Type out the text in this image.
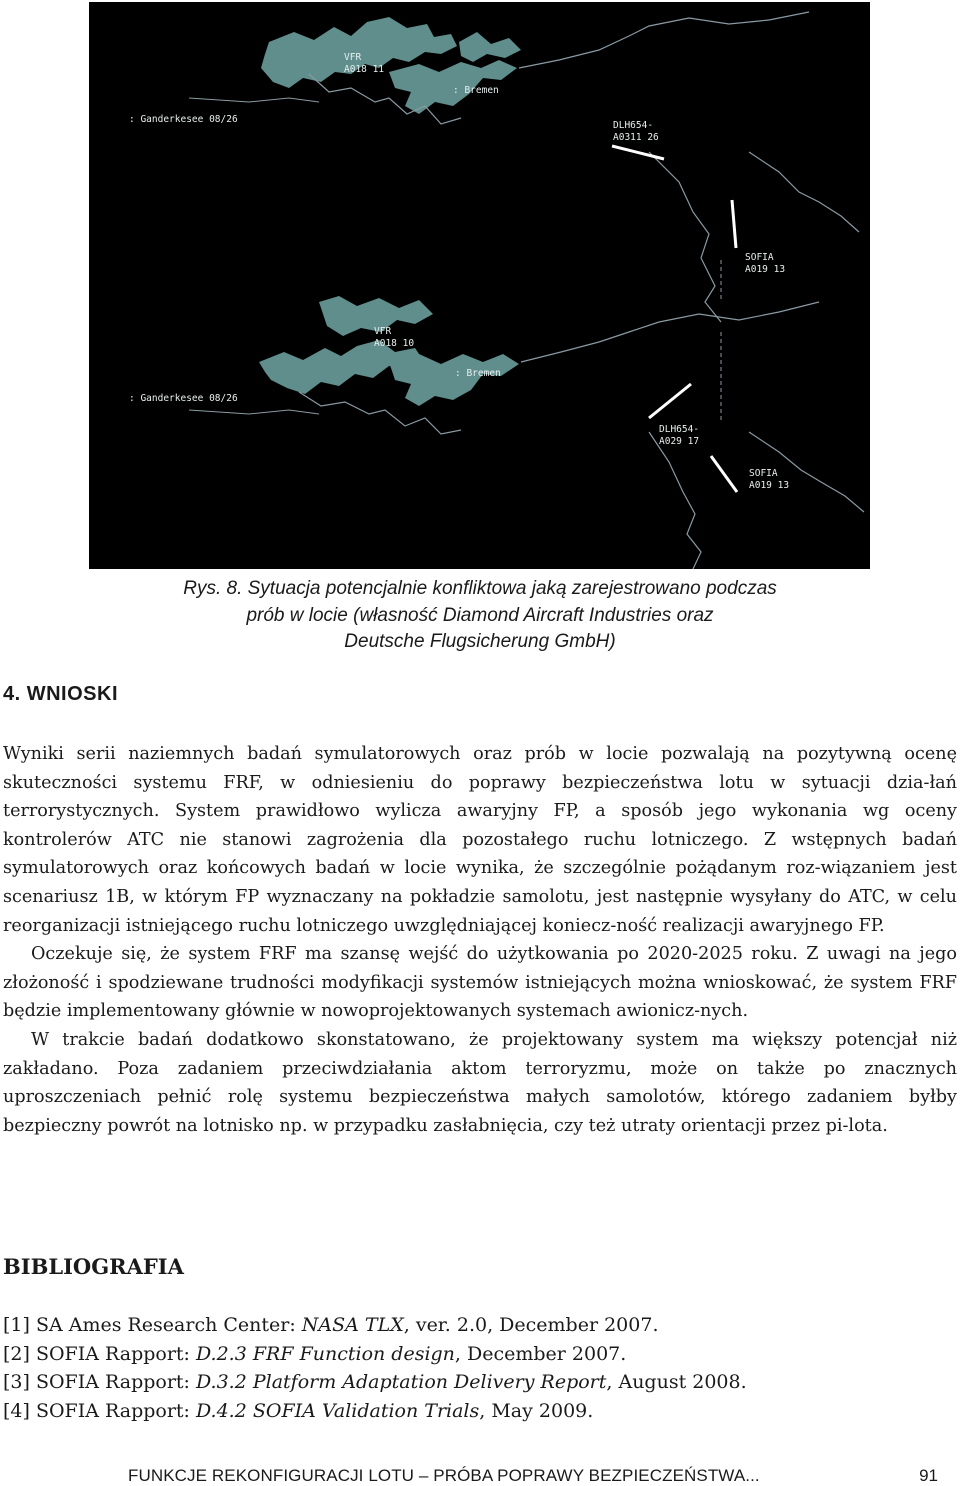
VFR
A018 11
: Bremen
: Ganderkesee 08/26
DLH654-
A0311 26
SOFIA
A019 13
VFR
A018 10
: Bremen
: Ganderkesee 08/26
DLH654-
A029 17
SOFIA
A019 13
Rys. 8. Sytuacja potencjalnie konfliktowa jaką zarejestrowano podczas
prób w locie (własność Diamond Aircraft Industries oraz
Deutsche Flugsicherung GmbH)
4. WNIOSKI

Wyniki serii naziemnych badań symulatorowych oraz prób w locie pozwalają na pozytywną ocenę skuteczności systemu FRF, w odniesieniu do poprawy bezpieczeństwa lotu w sytuacji dzia-łań terrorystycznych. System prawidłowo wylicza awaryjny FP, a sposób jego wykonania wg oceny kontrolerów ATC nie stanowi zagrożenia dla pozostałego ruchu lotniczego. Z wstępnych badań symulatorowych oraz końcowych badań w locie wynika, że szczególnie pożądanym roz-wiązaniem jest scenariusz 1B, w którym FP wyznaczany na pokładzie samolotu, jest następnie wysyłany do ATC, w celu reorganizacji istniejącego ruchu lotniczego uwzględniającej koniecz-ność realizacji awaryjnego FP.

Oczekuje się, że system FRF ma szansę wejść do użytkowania po 2020-2025 roku. Z uwagi na jego złożoność i spodziewane trudności modyfikacji systemów istniejących można wnioskować, że system FRF będzie implementowany głównie w nowoprojektowanych systemach awionicz-nych.

W trakcie badań dodatkowo skonstatowano, że projektowany system ma większy potencjał niż zakładano. Poza zadaniem przeciwdziałania aktom terroryzmu, może on także po znacznych uproszczeniach pełnić rolę systemu bezpieczeństwa małych samolotów, którego zadaniem byłby bezpieczny powrót na lotnisko np. w przypadku zasłabnięcia, czy też utraty orientacji przez pi-lota.

BIBLIOGRAFIA
[1] SA Ames Research Center: NASA TLX, ver. 2.0, December 2007.
[2] SOFIA Rapport: D.2.3 FRF Function design, December 2007.
[3] SOFIA Rapport: D.3.2 Platform Adaptation Delivery Report, August 2008.
[4] SOFIA Rapport: D.4.2 SOFIA Validation Trials, May 2009.
FUNKCJE REKONFIGURACJI LOTU – PRÓBA POPRAWY BEZPIECZEŃSTWA...	91
